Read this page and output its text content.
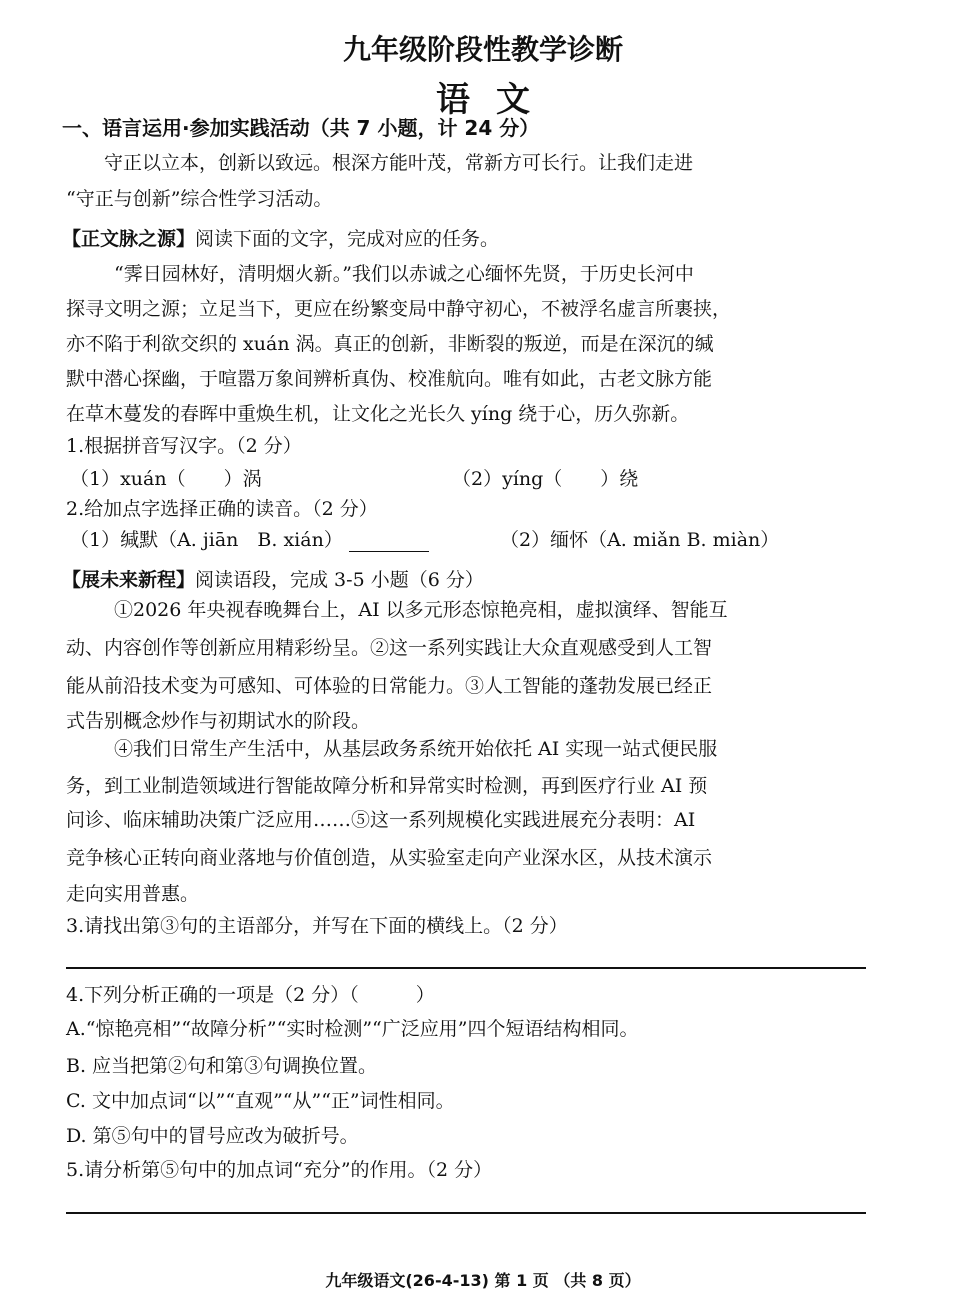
九年级阶段性教学诊断
语文
一、语言运用·参加实践活动（共 7 小题，计 24 分）
守正以立本，创新以致远。根深方能叶茂，常新方可长行。让我们走进
“守正与创新”综合性学习活动。
【正文脉之源】阅读下面的文字，完成对应的任务。
“霁日园林好，清明烟火新。”我们以赤诚之心缅怀先贤，于历史长河中
探寻文明之源；立足当下，更应在纷繁变局中静守初心，不被浮名虚言所裹挟，
亦不陷于利欲交织的 xuán 涡。真正的创新，非断裂的叛逆，而是在深沉的缄
默中潜心探幽，于喧嚣万象间辨析真伪、校准航向。唯有如此，古老文脉方能
在草木蔓发的春晖中重焕生机，让文化之光长久 yíng 绕于心，历久弥新。
1.根据拼音写汉字。（2 分）
（1）xuán（　　）涡	（2）yíng（　　）绕
2.给加点字选择正确的读音。（2 分）
（1）缄默（A. jiān　B. xián）	（2）缅怀（A. miǎn B. miàn）
【展未来新程】阅读语段，完成 3-5 小题（6 分）
①2026 年央视春晚舞台上，AI 以多元形态惊艳亮相，虚拟演绎、智能互
动、内容创作等创新应用精彩纷呈。②这一系列实践让大众直观感受到人工智
能从前沿技术变为可感知、可体验的日常能力。③人工智能的蓬勃发展已经正
式告别概念炒作与初期试水的阶段。
④我们日常生产生活中，从基层政务系统开始依托 AI 实现一站式便民服
务，到工业制造领域进行智能故障分析和异常实时检测，再到医疗行业 AI 预
问诊、临床辅助决策广泛应用……⑤这一系列规模化实践进展充分表明：AI
竞争核心正转向商业落地与价值创造，从实验室走向产业深水区，从技术演示
走向实用普惠。
3.请找出第③句的主语部分，并写在下面的横线上。（2 分）
4.下列分析正确的一项是（2 分）（　　　）
A.“惊艳亮相”“故障分析”“实时检测”“广泛应用”四个短语结构相同。
B. 应当把第②句和第③句调换位置。
C. 文中加点词“以”“直观”“从”“正”词性相同。
D. 第⑤句中的冒号应改为破折号。
5.请分析第⑤句中的加点词“充分”的作用。（2 分）
九年级语文(26-4-13) 第 1 页 （共 8 页）
